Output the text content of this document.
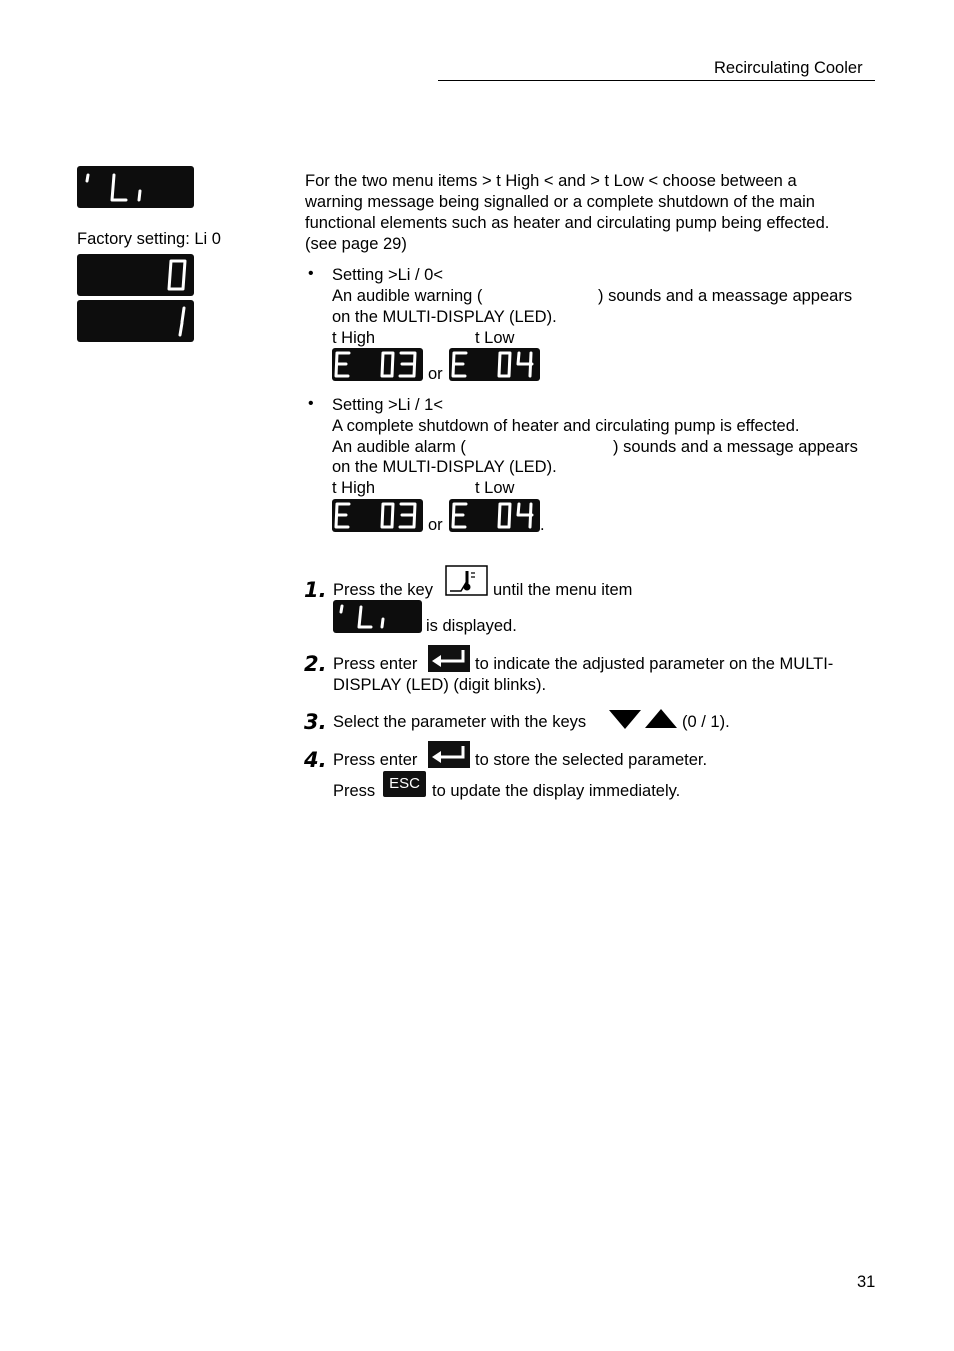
Recirculating Cooler
Factory setting: Li 0
For the two menu items > t High < and > t Low < choose between a
warning message being signalled or a complete shutdown of the main
functional elements such as heater and circulating pump being effected.
(see page 29)
• Setting >Li / 0<
An audible warning (	) sounds and a meassage appears
on the MULTI-DISPLAY (LED).
t High	t Low
or
• Setting >Li / 1<
A complete shutdown of heater and circulating pump is effected.
An audible alarm (	) sounds and a message appears
on the MULTI-DISPLAY (LED).
t High	t Low
or	.
1. Press the key	until the menu item
is displayed.
2. Press enter	to indicate the adjusted parameter on the MULTI-
DISPLAY (LED) (digit blinks).
3. Select the parameter with the keys	(0 / 1).
4. Press enter	to store the selected parameter.
Press ESC to update the display immediately.
31
